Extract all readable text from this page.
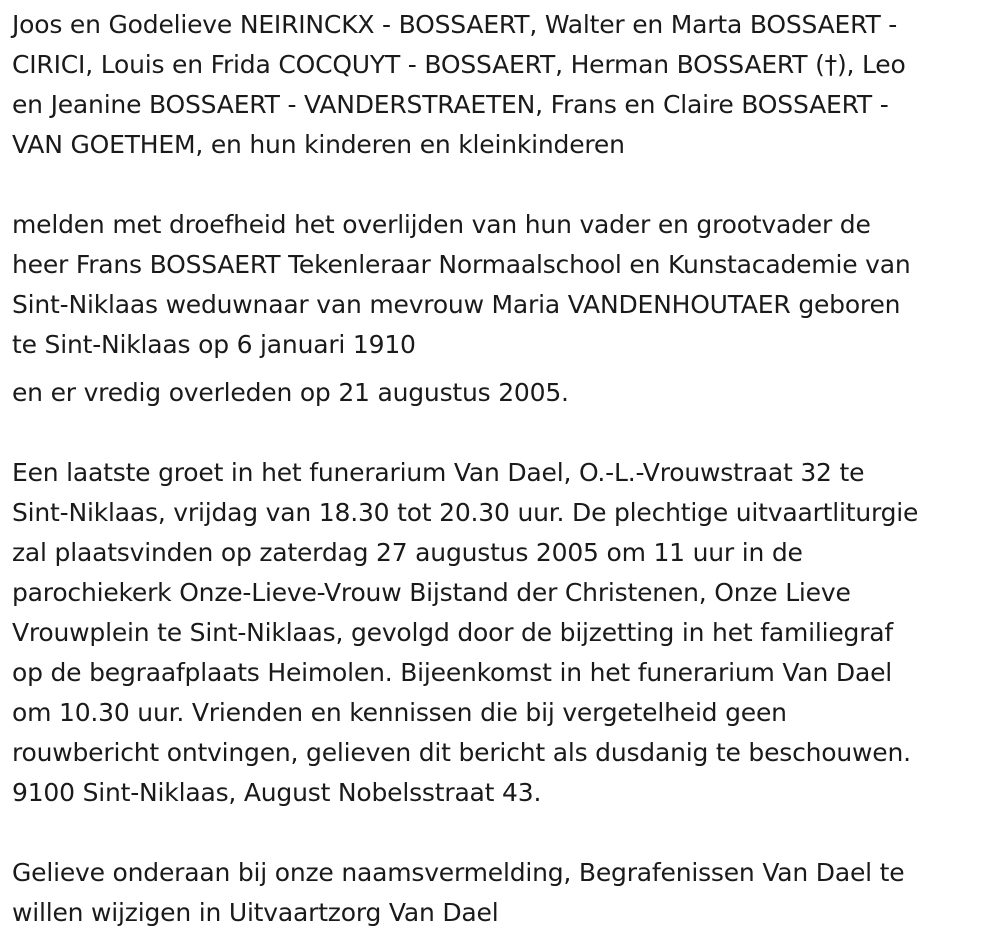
Joos en Godelieve NEIRINCKX - BOSSAERT, Walter en Marta BOSSAERT -
CIRICI, Louis en Frida COCQUYT - BOSSAERT, Herman BOSSAERT (†), Leo
en Jeanine BOSSAERT - VANDERSTRAETEN, Frans en Claire BOSSAERT -
VAN GOETHEM, en hun kinderen en kleinkinderen

melden met droefheid het overlijden van hun vader en grootvader de
heer Frans BOSSAERT Tekenleraar Normaalschool en Kunstacademie van
Sint-Niklaas weduwnaar van mevrouw Maria VANDENHOUTAER geboren
te Sint-Niklaas op 6 januari 1910

en er vredig overleden op 21 augustus 2005.

Een laatste groet in het funerarium Van Dael, O.-L.-Vrouwstraat 32 te
Sint-Niklaas, vrijdag van 18.30 tot 20.30 uur. De plechtige uitvaartliturgie
zal plaatsvinden op zaterdag 27 augustus 2005 om 11 uur in de
parochiekerk Onze-Lieve-Vrouw Bijstand der Christenen, Onze Lieve
Vrouwplein te Sint-Niklaas, gevolgd door de bijzetting in het familiegraf
op de begraafplaats Heimolen. Bijeenkomst in het funerarium Van Dael
om 10.30 uur. Vrienden en kennissen die bij vergetelheid geen
rouwbericht ontvingen, gelieven dit bericht als dusdanig te beschouwen.
9100 Sint-Niklaas, August Nobelsstraat 43.

Gelieve onderaan bij onze naamsvermelding, Begrafenissen Van Dael te
willen wijzigen in Uitvaartzorg Van Dael
